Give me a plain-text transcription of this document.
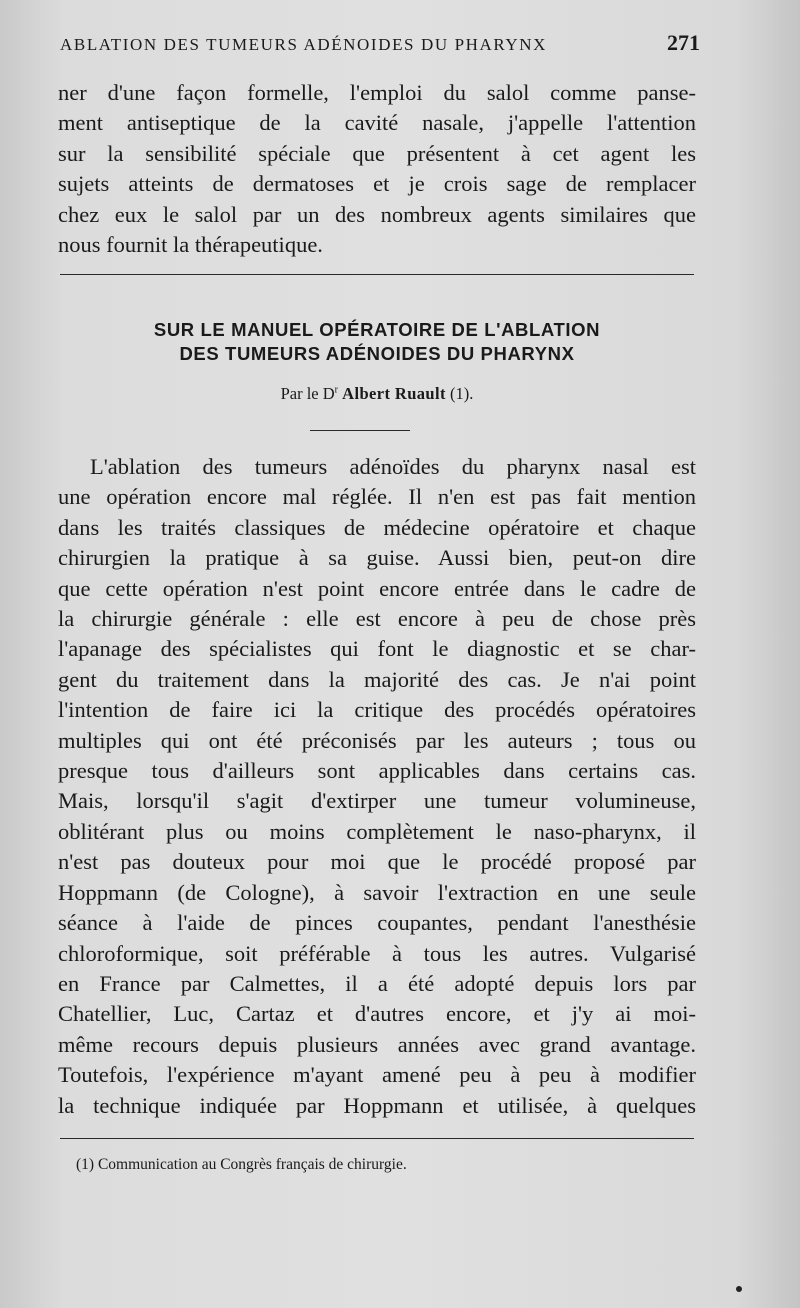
ABLATION DES TUMEURS ADÉNOIDES DU PHARYNX	271
ner d'une façon formelle, l'emploi du salol comme panse-
ment antiseptique de la cavité nasale, j'appelle l'attention
sur la sensibilité spéciale que présentent à cet agent les
sujets atteints de dermatoses et je crois sage de remplacer
chez eux le salol par un des nombreux agents similaires que
nous fournit la thérapeutique.
SUR LE MANUEL OPÉRATOIRE DE L'ABLATION
DES TUMEURS ADÉNOIDES DU PHARYNX
Par le $D^r$ Albert Ruault (1).
L'ablation des tumeurs adénoïdes du pharynx nasal est
une opération encore mal réglée. Il n'en est pas fait mention
dans les traités classiques de médecine opératoire et chaque
chirurgien la pratique à sa guise. Aussi bien, peut-on dire
que cette opération n'est point encore entrée dans le cadre de
la chirurgie générale : elle est encore à peu de chose près
l'apanage des spécialistes qui font le diagnostic et se char-
gent du traitement dans la majorité des cas. Je n'ai point
l'intention de faire ici la critique des procédés opératoires
multiples qui ont été préconisés par les auteurs ; tous ou
presque tous d'ailleurs sont applicables dans certains cas.
Mais, lorsqu'il s'agit d'extirper une tumeur volumineuse,
oblitérant plus ou moins complètement le naso-pharynx, il
n'est pas douteux pour moi que le procédé proposé par
Hoppmann (de Cologne), à savoir l'extraction en une seule
séance à l'aide de pinces coupantes, pendant l'anesthésie
chloroformique, soit préférable à tous les autres. Vulgarisé
en France par Calmettes, il a été adopté depuis lors par
Chatellier, Luc, Cartaz et d'autres encore, et j'y ai moi-
même recours depuis plusieurs années avec grand avantage.
Toutefois, l'expérience m'ayant amené peu à peu à modifier
la technique indiquée par Hoppmann et utilisée, à quelques
(1) Communication au Congrès français de chirurgie.
